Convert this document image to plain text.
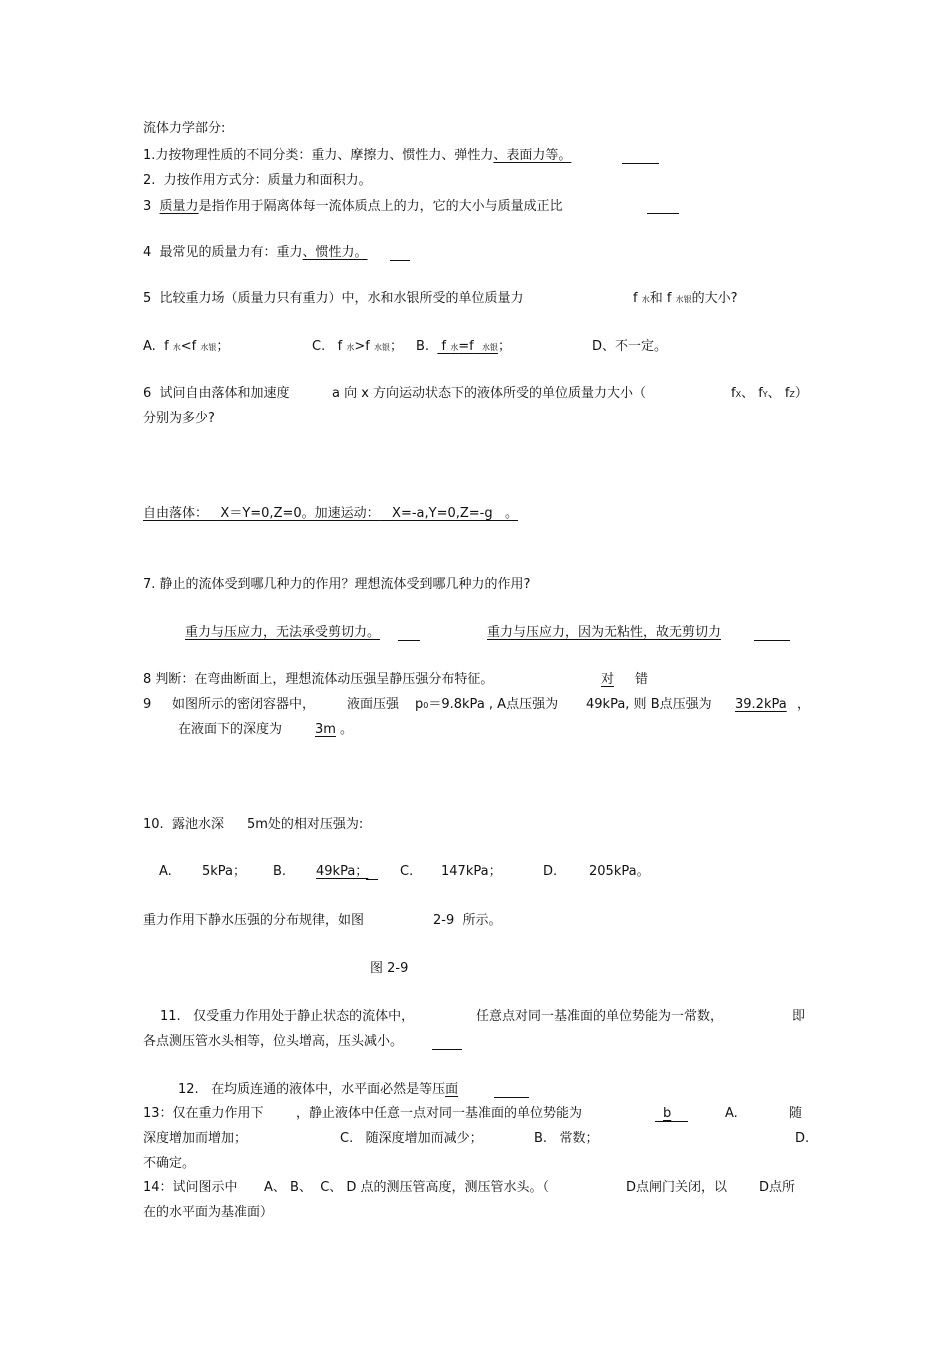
流体力学部分:
1.力按物理性质的不同分类：重力、摩擦力、惯性力、弹性力、表面力等。
2.  力按作用方式分：质量力和面积力。
3 质量力是指作用于隔离体每一流体质点上的力，它的大小与质量成正比
4  最常见的质量力有：重力、惯性力。
5  比较重力场（质量力只有重力）中，水和水银所受的单位质量力	f 水和 f 水银的大小?
A. f 水<f 水银；	C. f 水>f 水银； B. f 水=f 水银；	D、不一定。
6  试问自由落体和加速度	a 向 x 方向运动状态下的液体所受的单位质量力大小（	fX、 fY、 fZ）
分别为多少?
自由落体： X＝Y=0,Z=0。加速运动： X=-a,Y=0,Z=-g   。
7. 静止的流体受到哪几种力的作用？理想流体受到哪几种力的作用?
重力与压应力，无法承受剪切力。	重力与压应力，因为无粘性，故无剪切力
8 判断：在弯曲断面上，理想流体动压强呈静压强分布特征。	对 错
9 如图所示的密闭容器中， 液面压强 p0＝9.8kPa , A点压强为 49kPa, 则 B点压强为 39.2kPa ，
在液面下的深度为	3m 。
10.  露池水深 5m处的相对压强为:
A. 5kPa； B. 49kPa； C. 147kPa；	D. 205kPa。
重力作用下静水压强的分布规律，如图	2-9  所示。
图 2-9
11.   仅受重力作用处于静止状态的流体中，	任意点对同一基准面的单位势能为一常数，	即
各点测压管水头相等，位头增高，压头减小。
12.   在均质连通的液体中，水平面必然是等压面
13：仅在重力作用下 ，静止液体中任意一点对同一基准面的单位势能为	b	A.	随
深度增加而增加；	C.   随深度增加而减少；	B.   常数；	D.
不确定。
14：试问图示中 A、 B、  C、 D 点的测压管高度，测压管水头。（	D点闸门关闭，以 D点所
在的水平面为基准面）
